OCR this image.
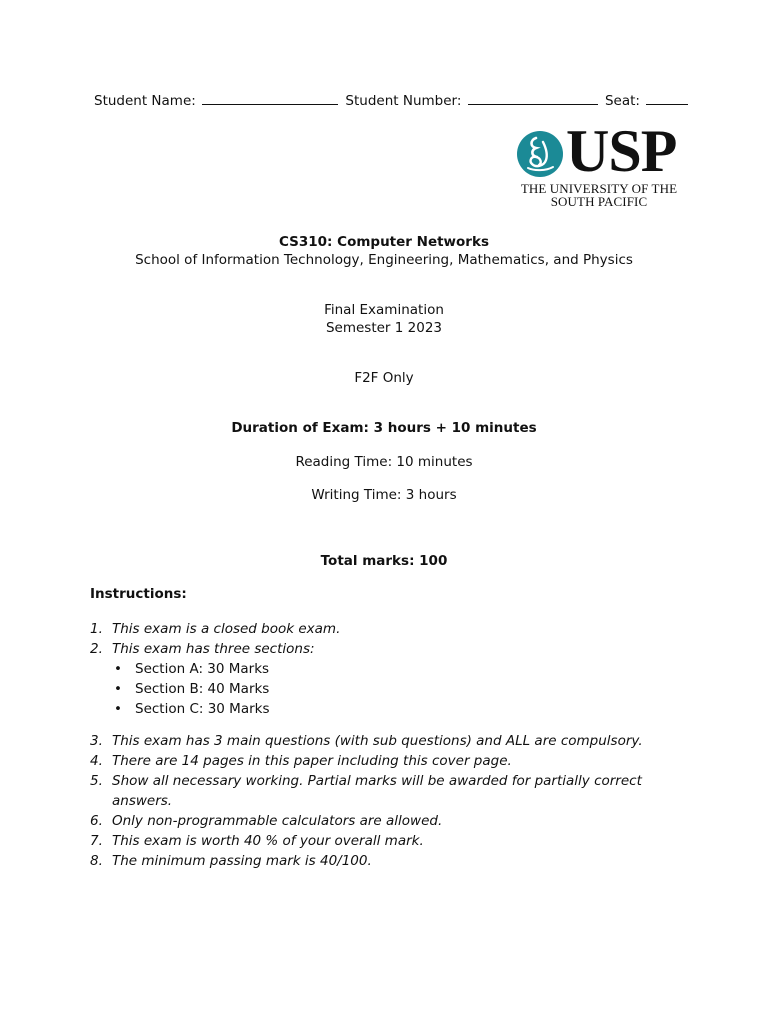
Student Name:	Student Number:	Seat:
USP
THE UNIVERSITY OF THE
SOUTH PACIFIC
CS310: Computer Networks
School of Information Technology, Engineering, Mathematics, and Physics
Final Examination
Semester 1 2023
F2F Only
Duration of Exam: 3 hours + 10 minutes
Reading Time: 10 minutes
Writing Time: 3 hours
Total marks: 100
Instructions:
1. This exam is a closed book exam.
2. This exam has three sections:
• Section A: 30 Marks
• Section B: 40 Marks
• Section C: 30 Marks
3. This exam has 3 main questions (with sub questions) and ALL are compulsory.
4. There are 14 pages in this paper including this cover page.
5. Show all necessary working. Partial marks will be awarded for partially correct answers.
6. Only non-programmable calculators are allowed.
7. This exam is worth 40 % of your overall mark.
8. The minimum passing mark is 40/100.
